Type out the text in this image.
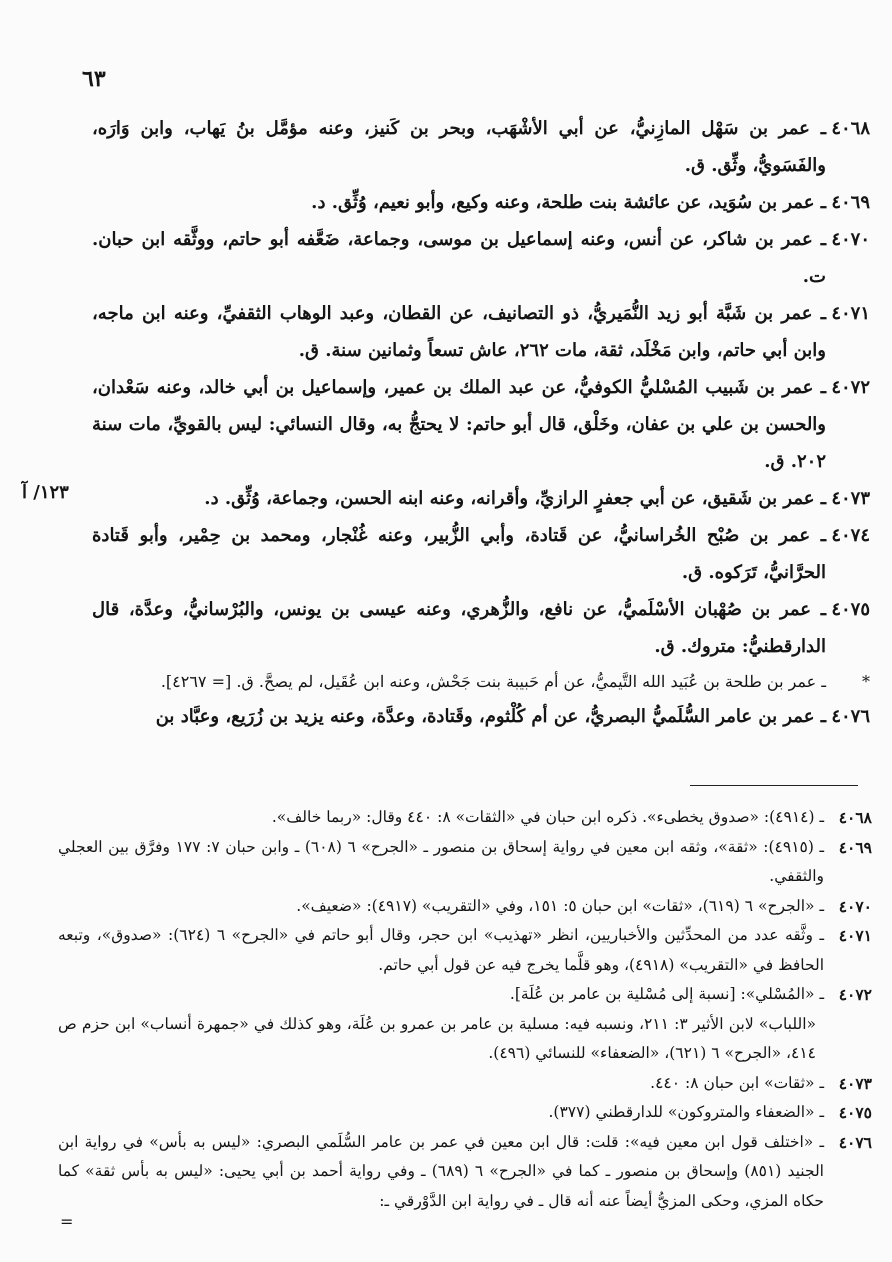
٦٣
١٢٣/ آ

٤٠٦٨
ـ عمر بن سَهْل المازِنيُّ، عن أبي الأشْهَب، وبحر بن كَنيز، وعنه مؤمَّل بنُ يَهاب، وابن وَارَه، والفَسَويُّ، وثِّق. ق.

٤٠٦٩
ـ عمر بن سُوَيد، عن عائشة بنت طلحة، وعنه وكيع، وأبو نعيم، وُثِّق. د.

٤٠٧٠
ـ عمر بن شاكر، عن أنس، وعنه إسماعيل بن موسى، وجماعة، ضَعَّفه أبو حاتم، ووثَّقه ابن حبان. ت.

٤٠٧١
ـ عمر بن شَبَّة أبو زيد النُّمَيريُّ، ذو التصانيف، عن القطان، وعبد الوهاب الثقفيِّ، وعنه ابن ماجه، وابن أبي حاتم، وابن مَخْلَد، ثقة، مات ٢٦٢، عاش تسعاً وثمانين سنة. ق.

٤٠٧٢
ـ عمر بن شَبيب المُسْليُّ الكوفيُّ، عن عبد الملك بن عمير، وإسماعيل بن أبي خالد، وعنه سَعْدان، والحسن بن علي بن عفان، وخَلْق، قال أبو حاتم: لا يحتجُّ به، وقال النسائي: ليس بالقويِّ، مات سنة ٢٠٢. ق.

٤٠٧٣
ـ عمر بن شَقيق، عن أبي جعفرٍ الرازيِّ، وأقرانه، وعنه ابنه الحسن، وجماعة، وُثِّق. د.

٤٠٧٤
ـ عمر بن صُبْح الخُراسانيُّ، عن قَتادة، وأبي الزُّبير، وعنه غُنْجار، ومحمد بن حِمْير، وأبو قَتادة الحرَّانيُّ، تَرَكوه. ق.

٤٠٧٥
ـ عمر بن صُهْبان الأسْلَميُّ، عن نافع، والزُّهري، وعنه عيسى بن يونس، والبُرْسانيُّ، وعدَّة، قال الدارقطنيُّ: متروك. ق.

*
ـ عمر بن طلحة بن عُبَيد الله التَّيميُّ، عن أم حَبيبة بنت جَحْش، وعنه ابن عُقَيل، لم يصحَّ. ق. [= ٤٢٦٧].

٤٠٧٦
ـ عمر بن عامر السُّلَميُّ البصريُّ، عن أم كُلْثوم، وقَتادة، وعدَّة، وعنه يزيد بن زُرَيع، وعبَّاد بن

٤٠٦٨
ـ (٤٩١٤): «صدوق يخطىء». ذكره ابن حبان في «الثقات» ٨: ٤٤٠ وقال: «ربما خالف».

٤٠٦٩
ـ (٤٩١٥): «ثقة»، وثقه ابن معين في رواية إسحاق بن منصور ـ «الجرح» ٦ (٦٠٨) ـ وابن حبان ٧: ١٧٧ وفرَّق بين العجلي والثقفي.

٤٠٧٠
ـ «الجرح» ٦ (٦١٩)، «ثقات» ابن حبان ٥: ١٥١، وفي «التقريب» (٤٩١٧): «ضعيف».

٤٠٧١
ـ وثَّقه عدد من المحدِّثين والأخباريين، انظر «تهذيب» ابن حجر، وقال أبو حاتم في «الجرح» ٦ (٦٢٤): «صدوق»، وتبعه الحافظ في «التقريب» (٤٩١٨)، وهو قلَّما يخرج فيه عن قول أبي حاتم.

٤٠٧٢
ـ «المُسْلي»: [نسبة إلى مُسْلية بن عامر بن عُلَة].

«اللباب» لابن الأثير ٣: ٢١١، ونسبه فيه: مسلية بن عامر بن عمرو بن عُلَة، وهو كذلك في «جمهرة أنساب» ابن حزم ص ٤١٤، «الجرح» ٦ (٦٢١)، «الضعفاء» للنسائي (٤٩٦).

٤٠٧٣
ـ «ثقات» ابن حبان ٨: ٤٤٠.

٤٠٧٥
ـ «الضعفاء والمتروكون» للدارقطني (٣٧٧).

٤٠٧٦
ـ «اختلف قول ابن معين فيه»: قلت: قال ابن معين في عمر بن عامر السُّلَمي البصري: «ليس به بأس» في رواية ابن الجنيد (٨٥١) وإسحاق بن منصور ـ كما في «الجرح» ٦ (٦٨٩) ـ وفي رواية أحمد بن أبي يحيى: «ليس به بأس ثقة» كما حكاه المزي، وحكى المزيُّ أيضاً عنه أنه قال ـ في رواية ابن الدَّوْرقي ـ:

=
